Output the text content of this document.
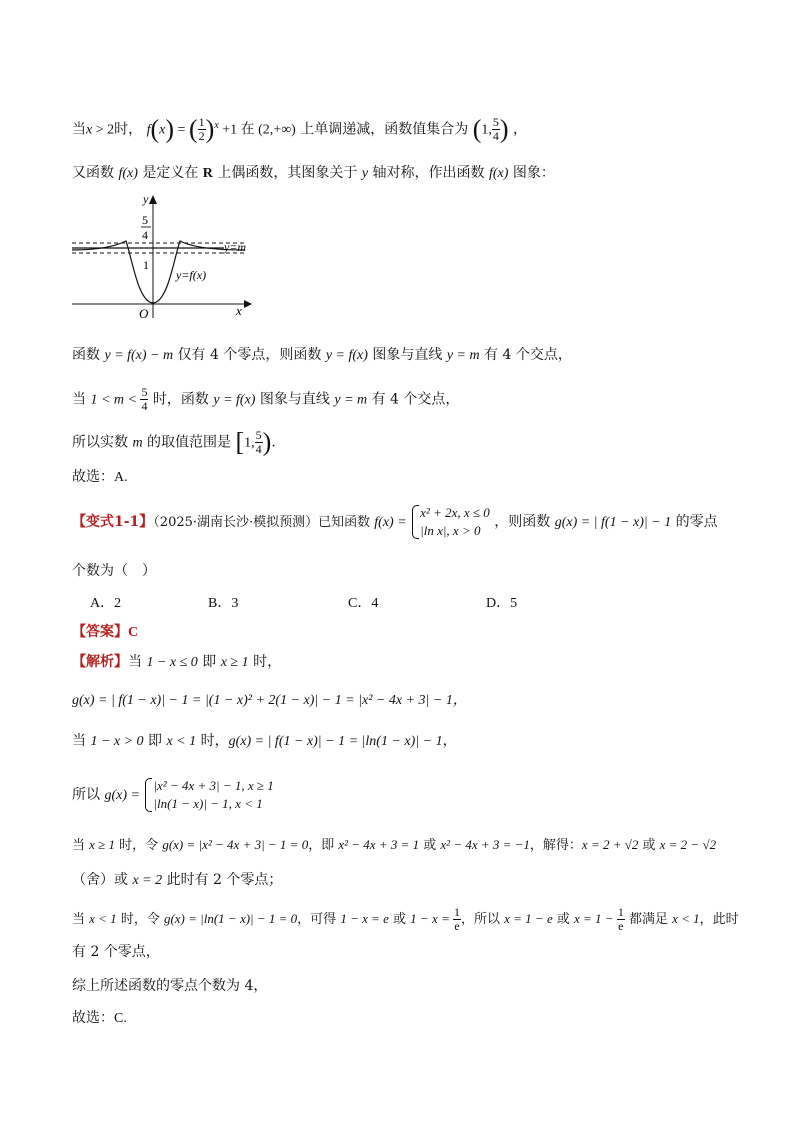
当x > 2时， f(x) = ( $\frac{1}{2} )^x +1$ 在 (2,+∞) 上单调递减，函数值集合为 (1, $\frac{5}{4}$ ) ，
又函数 f(x) 是定义在 R 上偶函数，其图象关于 y 轴对称，作出函数 f(x) 图象：
y
x
O
5
4
1
y=m
y=f(x)
函数 y = f(x) − m 仅有 4 个零点，则函数 y = f(x) 图象与直线 y = m 有 4 个交点，
当 $1 < m < \frac{5}{4}$ 时，函数 y = f(x) 图象与直线 y = m 有 4 个交点，
所以实数 m 的取值范围是 [1, $\frac{5}{4}$ ).
故选：A.
【变式1-1】（2025·湖南长沙·模拟预测）已知函数 f(x) =
x² + 2x, x ≤ 0
|ln x|, x > 0
，则函数 g(x) = | f(1 − x)| − 1 的零点
个数为（　）
A．2	B．3	C．4	D．5
【答案】C
【解析】当 1 − x ≤ 0 即 x ≥ 1 时，
g(x) = | f(1 − x)| − 1 = |(1 − x)² + 2(1 − x)| − 1 = |x² − 4x + 3| − 1，
当 1 − x > 0 即 x < 1 时，g(x) = | f(1 − x)| − 1 = |ln(1 − x)| − 1，
所以 g(x) =
|x² − 4x + 3| − 1, x ≥ 1
|ln(1 − x)| − 1, x < 1
当 x ≥ 1 时，令 g(x) = |x² − 4x + 3| − 1 = 0，即 x² − 4x + 3 = 1 或 x² − 4x + 3 = −1，解得：x = 2 + √2 或 x = 2 − √2
（舍）或 x = 2 此时有 2 个零点；
当 x < 1 时，令 g(x) = |ln(1 − x)| − 1 = 0，可得 1 − x = e 或 $1 - x = \frac{1}{e}$ ，所以 x = 1 − e 或 $x = 1 - \frac{1}{e}$ 都满足 x < 1，此时
有 2 个零点，
综上所述函数的零点个数为 4，
故选：C.
